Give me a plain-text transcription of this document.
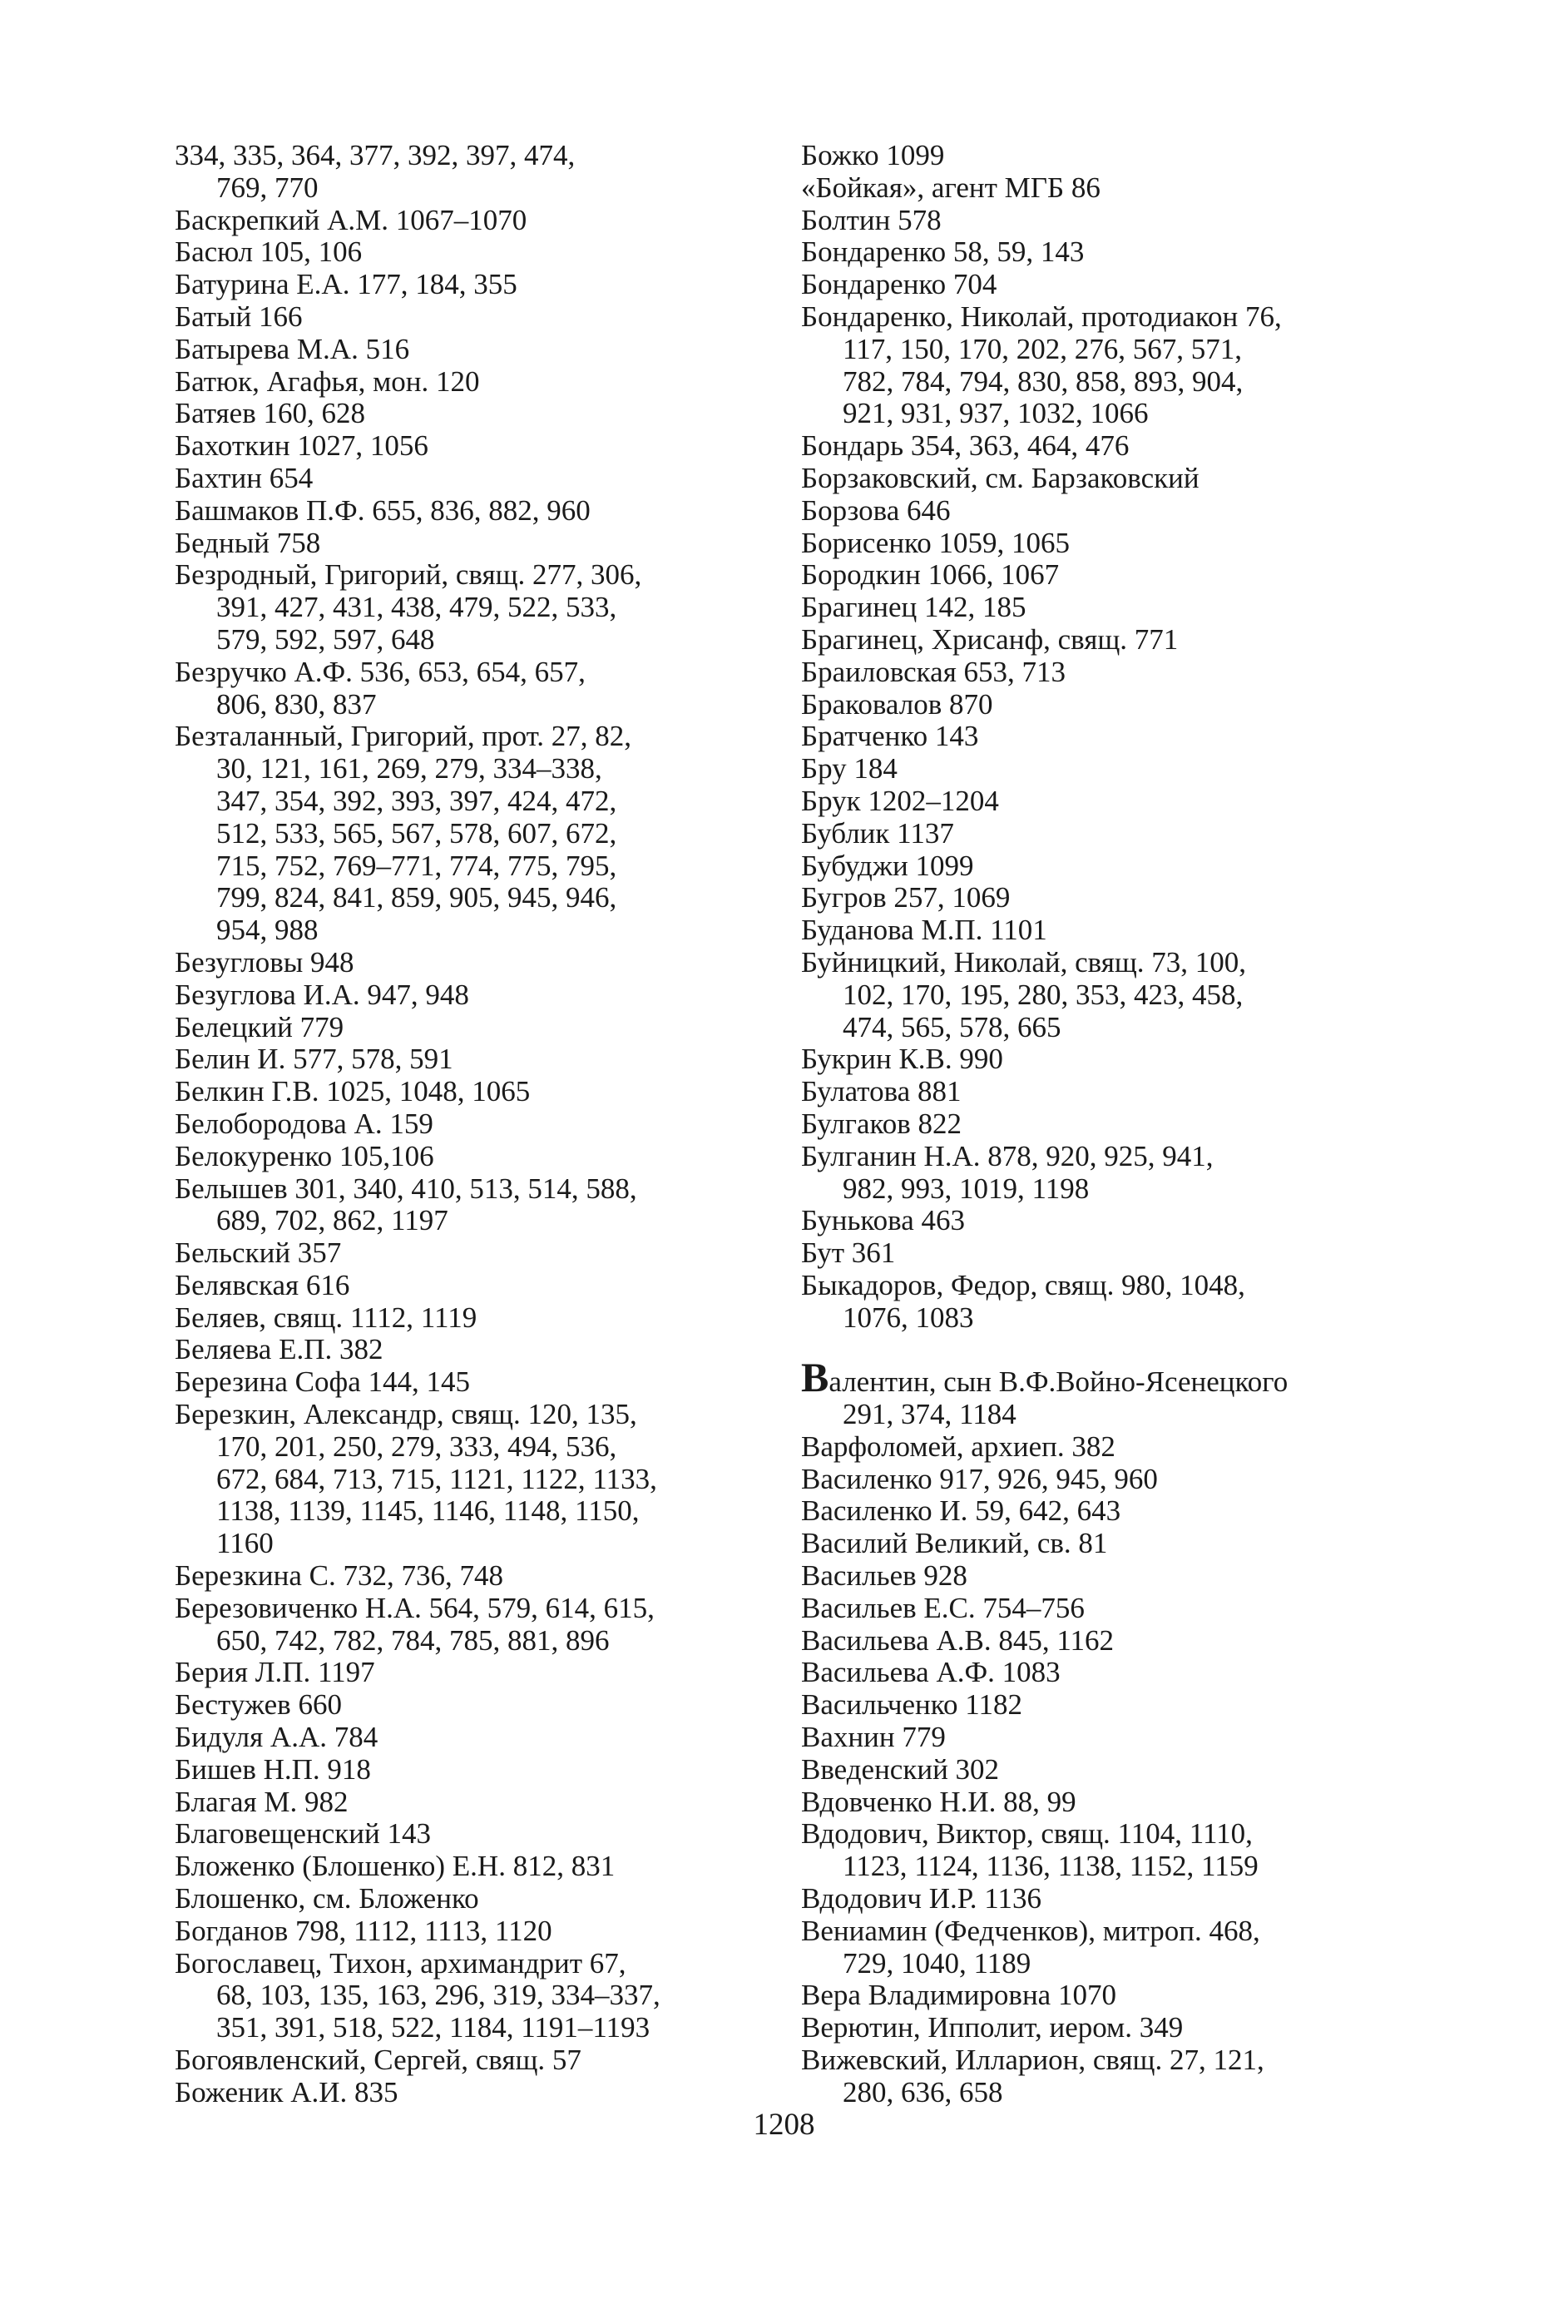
334, 335, 364, 377, 392, 397, 474,
769, 770
Баскрепкий А.М. 1067–1070
Басюл 105, 106
Батурина Е.А. 177, 184, 355
Батый 166
Батырева М.А. 516
Батюк, Агафья, мон. 120
Батяев 160, 628
Бахоткин 1027, 1056
Бахтин 654
Башмаков П.Ф. 655, 836, 882, 960
Бедный 758
Безродный, Григорий, свящ. 277, 306,
391, 427, 431, 438, 479, 522, 533,
579, 592, 597, 648
Безручко А.Ф. 536, 653, 654, 657,
806, 830, 837
Безталанный, Григорий, прот. 27, 82,
30, 121, 161, 269, 279, 334–338,
347, 354, 392, 393, 397, 424, 472,
512, 533, 565, 567, 578, 607, 672,
715, 752, 769–771, 774, 775, 795,
799, 824, 841, 859, 905, 945, 946,
954, 988
Безугловы 948
Безуглова И.А. 947, 948
Белецкий 779
Белин И. 577, 578, 591
Белкин Г.В. 1025, 1048, 1065
Белобородова А. 159
Белокуренко 105,106
Белышев 301, 340, 410, 513, 514, 588,
689, 702, 862, 1197
Бельский 357
Белявская 616
Беляев, свящ. 1112, 1119
Беляева Е.П. 382
Березина Софа 144, 145
Березкин, Александр, свящ. 120, 135,
170, 201, 250, 279, 333, 494, 536,
672, 684, 713, 715, 1121, 1122, 1133,
1138, 1139, 1145, 1146, 1148, 1150,
1160
Березкина С. 732, 736, 748
Березовиченко Н.А. 564, 579, 614, 615,
650, 742, 782, 784, 785, 881, 896
Берия Л.П. 1197
Бестужев 660
Бидуля А.А. 784
Бишев Н.П. 918
Благая М. 982
Благовещенский 143
Бложенко (Блошенко) Е.Н. 812, 831
Блошенко, см. Бложенко
Богданов 798, 1112, 1113, 1120
Богославец, Тихон, архимандрит 67,
68, 103, 135, 163, 296, 319, 334–337,
351, 391, 518, 522, 1184, 1191–1193
Богоявленский, Сергей, свящ. 57
Боженик А.И. 835
Божко 1099
«Бойкая», агент МГБ 86
Болтин 578
Бондаренко 58, 59, 143
Бондаренко 704
Бондаренко, Николай, протодиакон 76,
117, 150, 170, 202, 276, 567, 571,
782, 784, 794, 830, 858, 893, 904,
921, 931, 937, 1032, 1066
Бондарь 354, 363, 464, 476
Борзаковский, см. Барзаковский
Борзова 646
Борисенко 1059, 1065
Бородкин 1066, 1067
Брагинец 142, 185
Брагинец, Хрисанф, свящ. 771
Браиловская 653, 713
Браковалов 870
Братченко 143
Бру 184
Брук 1202–1204
Бублик 1137
Бубуджи 1099
Бугров 257, 1069
Буданова М.П. 1101
Буйницкий, Николай, свящ. 73, 100,
102, 170, 195, 280, 353, 423, 458,
474, 565, 578, 665
Букрин К.В. 990
Булатова 881
Булгаков 822
Булганин Н.А. 878, 920, 925, 941,
982, 993, 1019, 1198
Бунькова 463
Бут 361
Быкадоров, Федор, свящ. 980, 1048,
1076, 1083
Валентин, сын В.Ф.Войно-Ясенецкого
291, 374, 1184
Варфоломей, архиеп. 382
Василенко 917, 926, 945, 960
Василенко И. 59, 642, 643
Василий Великий, св. 81
Васильев 928
Васильев Е.С. 754–756
Васильева А.В. 845, 1162
Васильева А.Ф. 1083
Васильченко 1182
Вахнин 779
Введенский 302
Вдовченко Н.И. 88, 99
Вдодович, Виктор, свящ. 1104, 1110,
1123, 1124, 1136, 1138, 1152, 1159
Вдодович И.Р. 1136
Вениамин (Федченков), митроп. 468,
729, 1040, 1189
Вера Владимировна 1070
Верютин, Ипполит, иером. 349
Вижевский, Илларион, свящ. 27, 121,
280, 636, 658
1208
